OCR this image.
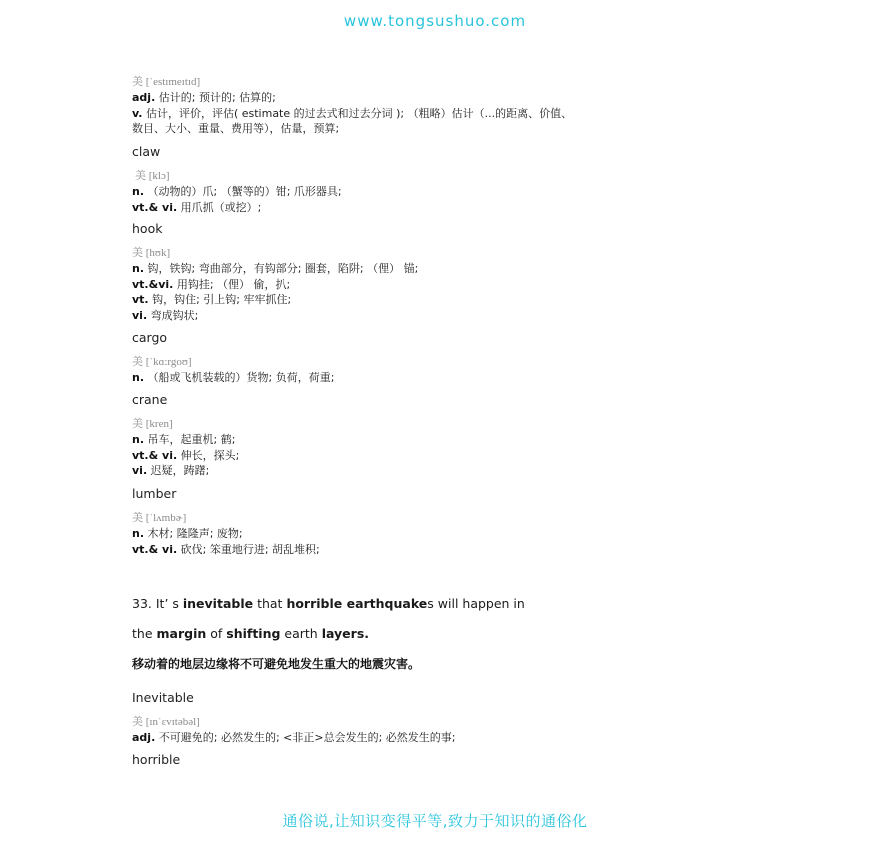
www.tongsushuo.com
美 [ˈestɪmeɪtɪd]
adj. 估计的; 预计的; 估算的;
v. 估计，评价，评估( estimate 的过去式和过去分词 ); （粗略）估计（...的距离、价值、
数目、大小、重量、费用等），估量，预算;
claw
美 [klɔ]
n. （动物的）爪; （蟹等的）钳; 爪形器具;
vt.& vi. 用爪抓（或挖）;
hook
美 [hʊk]
n. 钩，铁钩; 弯曲部分，有钩部分; 圈套，陷阱; （俚） 锚;
vt.&vi. 用钩挂; （俚） 偷，扒;
vt. 钩，钩住; 引上钩; 牢牢抓住;
vi. 弯成钩状;
cargo
美 [ˈkɑ:rgoʊ]
n. （船或飞机装载的）货物; 负荷，荷重;
crane
美 [kren]
n. 吊车，起重机; 鹤;
vt.& vi. 伸长，探头;
vi. 迟疑，踌躇;
lumber
美 [ˈlʌmbɚ]
n. 木材; 隆隆声; 废物;
vt.& vi. 砍伐; 笨重地行进; 胡乱堆积;
33. It’ s inevitable that horrible earthquakes will happen in
the margin of shifting earth layers.
移动着的地层边缘将不可避免地发生重大的地震灾害。
Inevitable
美 [ɪnˈɛvɪtəbəl]
adj. 不可避免的; 必然发生的; <非正>总会发生的; 必然发生的事;
horrible
通俗说,让知识变得平等,致力于知识的通俗化
